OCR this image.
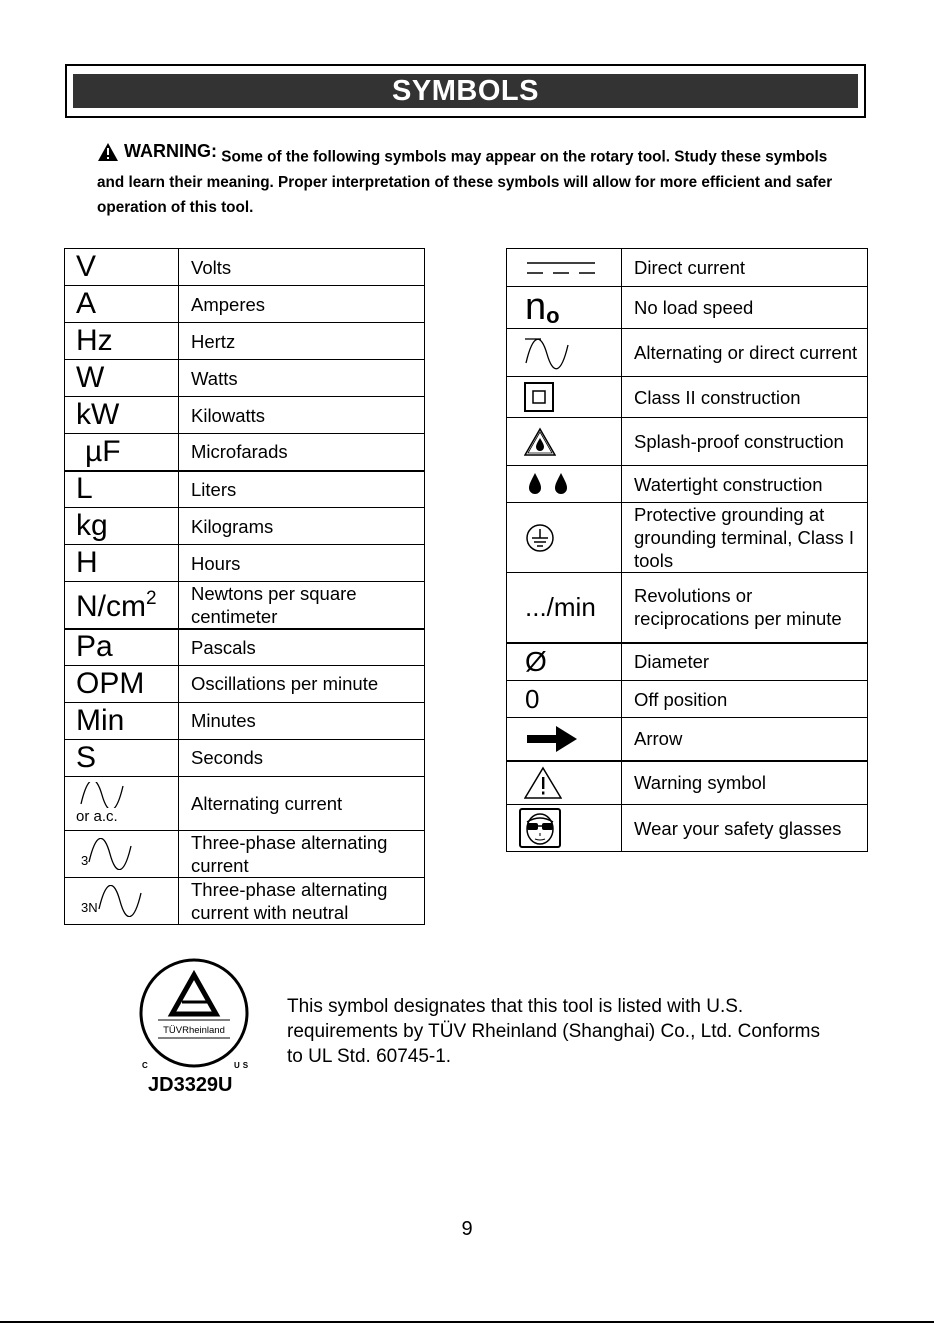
SYMBOLS
WARNING: Some of the following symbols may appear on the rotary tool. Study these symbols and learn their meaning. Proper interpretation of these symbols will allow for more efficient and safer operation of this tool.
V	Volts
A	Amperes
Hz	Hertz
W	Watts
kW	Kilowatts
µF	Microfarads
L	Liters
kg	Kilograms
H	Hours
$N/cm^2$	Newtons per square centimeter
Pa	Pascals
OPM	Oscillations per minute
Min	Minutes
S	Seconds

or a.c.	Alternating current

3	Three-phase alternating current

3N	Three-phase alternating current with neutral
	Direct current
no	No load speed

	Alternating or direct current

	Class II construction

	Splash-proof construction

	Watertight construction

	Protective grounding at grounding terminal, Class I tools
.../min	Revolutions or reciprocations per minute
Ø	Diameter
0	Off position

	Arrow

	Warning symbol

	Wear your safety glasses
TÜVRheinland
C	US
JD3329U
This symbol designates that this tool is listed with U.S. requirements by TÜV Rheinland (Shanghai) Co., Ltd. Conforms to UL Std. 60745-1.
9
